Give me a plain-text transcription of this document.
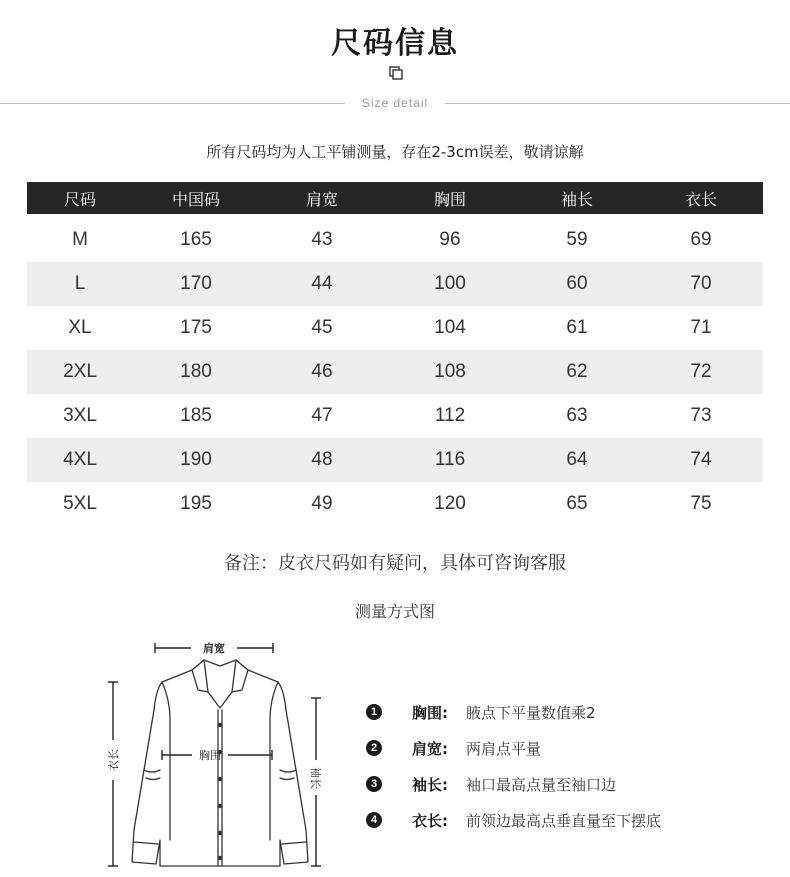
尺码信息
Size detail
所有尺码均为人工平铺测量，存在2-3cm误差，敬请谅解
尺码	中国码	肩宽	胸围	袖长	衣长
M	165	43	96	59	69
L	170	44	100	60	70
XL	175	45	104	61	71
2XL	180	46	108	62	72
3XL	185	47	112	63	73
4XL	190	48	116	64	74
5XL	195	49	120	65	75
备注：皮衣尺码如有疑问，具体可咨询客服
测量方式图
肩宽
胸围
衣长
袖长
1	胸围:	腋点下平量数值乘2
2	肩宽:	两肩点平量
3	袖长:	袖口最高点量至袖口边
4	衣长:	前领边最高点垂直量至下摆底
